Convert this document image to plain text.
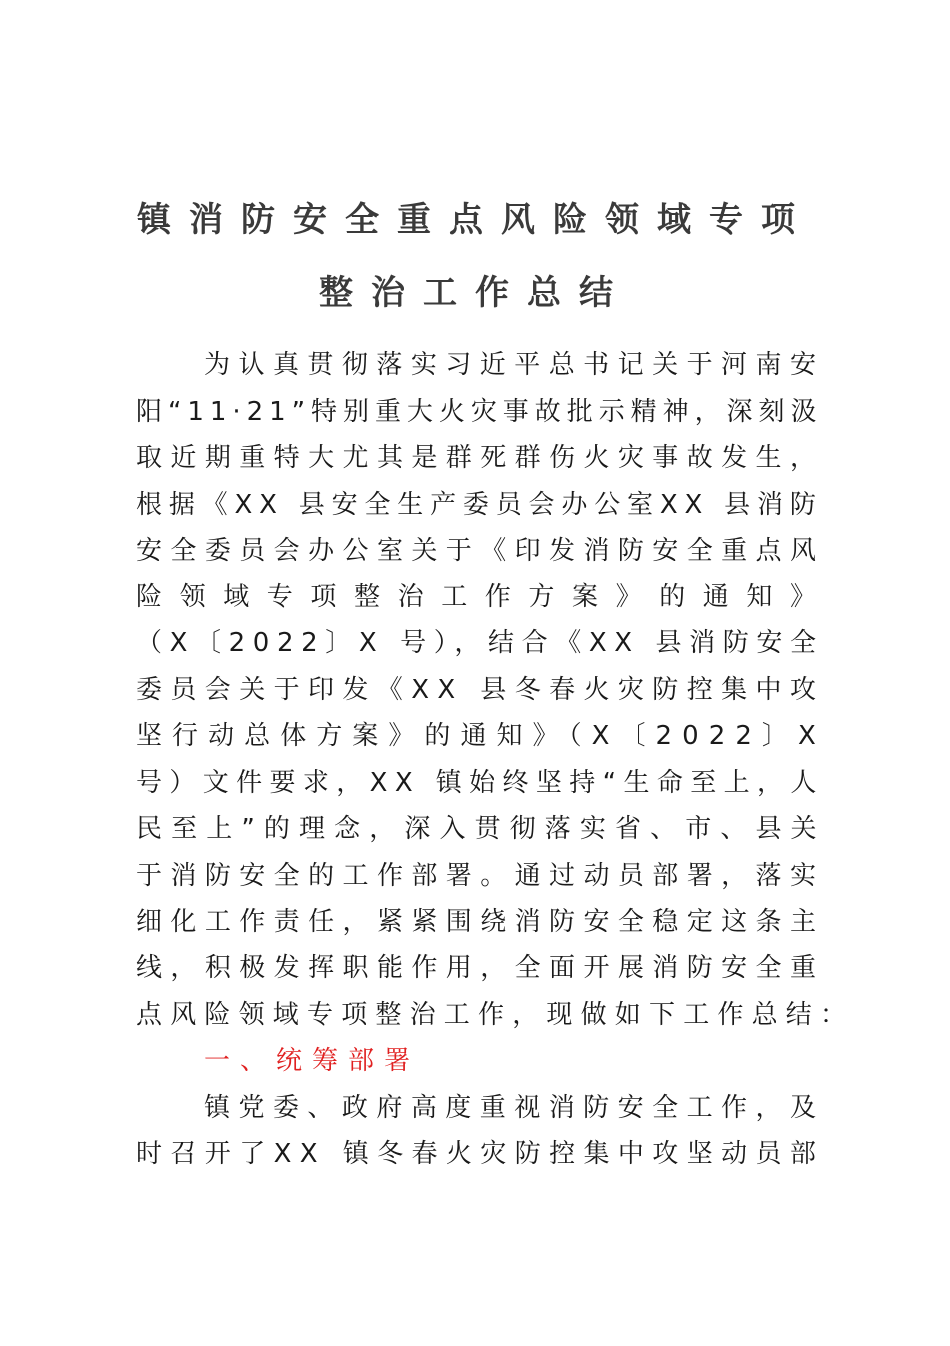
镇消防安全重点风险领域专项
整治工作总结
为认真贯彻落实习近平总书记关于河南安
阳“11·21”特别重大火灾事故批示精神，深刻汲
取近期重特大尤其是群死群伤火灾事故发生，
根据《XX 县安全生产委员会办公室XX 县消防
安全委员会办公室关于《印发消防安全重点风
险领域专项整治工作方案》的通知》
（X〔2022〕X 号），结合《XX 县消防安全
委员会关于印发《XX 县冬春火灾防控集中攻
坚行动总体方案》的通知》（X〔2022〕X
号）文件要求，XX 镇始终坚持“生命至上，人
民至上”的理念，深入贯彻落实省、市、县关
于消防安全的工作部署。通过动员部署，落实
细化工作责任，紧紧围绕消防安全稳定这条主
线，积极发挥职能作用，全面开展消防安全重
点风险领域专项整治工作，现做如下工作总结：
一、统筹部署
镇党委、政府高度重视消防安全工作，及
时召开了XX 镇冬春火灾防控集中攻坚动员部
